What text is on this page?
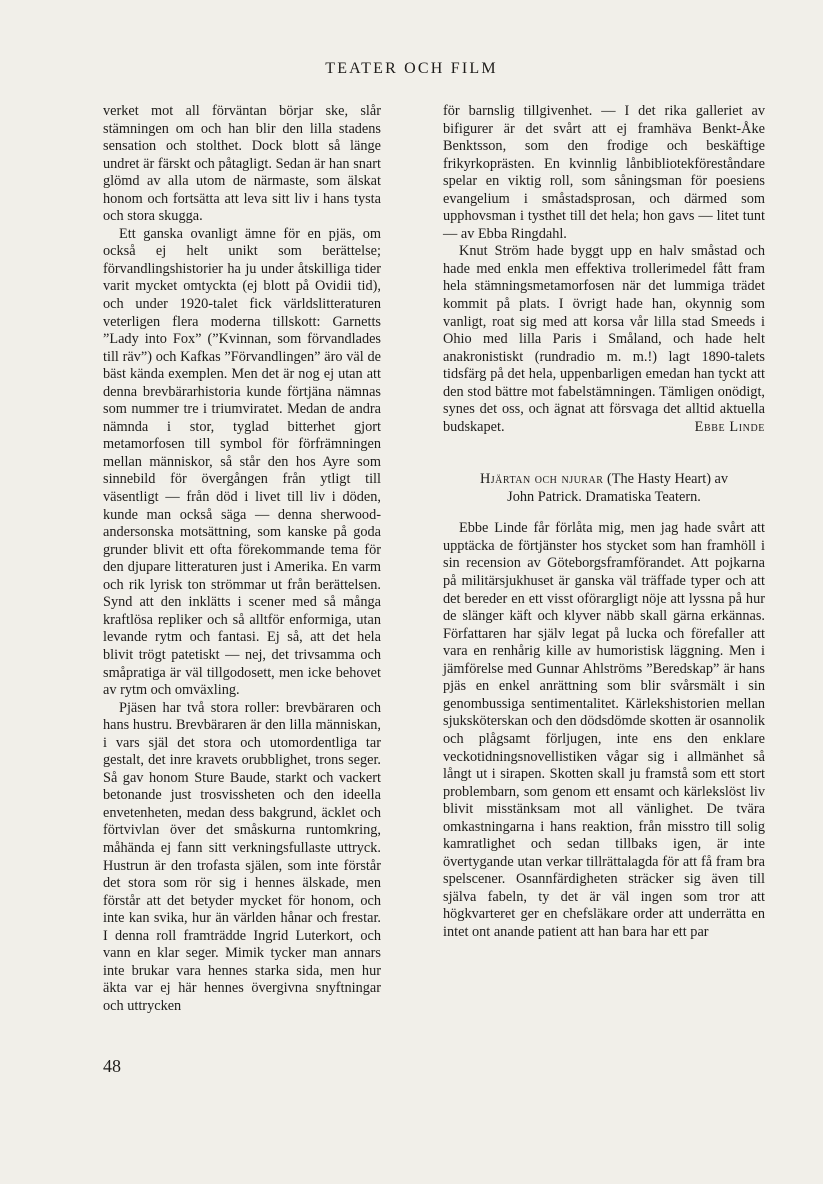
TEATER OCH FILM

verket mot all förväntan börjar ske, slår stämningen om och han blir den lilla stadens sensation och stolthet. Dock blott så länge undret är färskt och påtagligt. Sedan är han snart glömd av alla utom de närmaste, som älskat honom och fortsätta att leva sitt liv i hans tysta och stora skugga.

Ett ganska ovanligt ämne för en pjäs, om också ej helt unikt som berättelse; förvandlingshistorier ha ju under åtskilliga tider varit mycket omtyckta (ej blott på Ovidii tid), och under 1920-talet fick världslitteraturen veterligen flera moderna tillskott: Garnetts ”Lady into Fox” (”Kvinnan, som förvandlades till räv”) och Kafkas ”Förvandlingen” äro väl de bäst kända exemplen. Men det är nog ej utan att denna brevbärarhistoria kunde förtjäna nämnas som nummer tre i triumviratet. Medan de andra nämnda i stor, tyglad bitterhet gjort metamorfosen till symbol för förfrämningen mellan människor, så står den hos Ayre som sinnebild för övergången från ytligt till väsentligt — från död i livet till liv i döden, kunde man också säga — denna sherwood-andersonska motsättning, som kanske på goda grunder blivit ett ofta förekommande tema för den djupare litteraturen just i Amerika. En varm och rik lyrisk ton strömmar ut från berättelsen. Synd att den inklätts i scener med så många kraftlösa repliker och så alltför enformiga, utan levande rytm och fantasi. Ej så, att det hela blivit trögt patetiskt — nej, det trivsamma och småpratiga är väl tillgodosett, men icke behovet av rytm och omväxling.

Pjäsen har två stora roller: brevbäraren och hans hustru. Brevbäraren är den lilla människan, i vars själ det stora och utomordentliga tar gestalt, det inre kravets orubblighet, trons seger. Så gav honom Sture Baude, starkt och vackert betonande just trosvissheten och den ideella envetenheten, medan dess bakgrund, äcklet och förtvivlan över det småskurna runtomkring, måhända ej fann sitt verkningsfullaste uttryck. Hustrun är den trofasta själen, som inte förstår det stora som rör sig i hennes älskade, men förstår att det betyder mycket för honom, och inte kan svika, hur än världen hånar och frestar. I denna roll framträdde Ingrid Luterkort, och vann en klar seger. Mimik tycker man annars inte brukar vara hennes starka sida, men hur äkta var ej här hennes övergivna snyftningar och uttrycken

för barnslig tillgivenhet. — I det rika galleriet av bifigurer är det svårt att ej framhäva Benkt-Åke Benktsson, som den frodige och beskäftige frikyrkoprästen. En kvinnlig lånbibliotekföreståndare spelar en viktig roll, som såningsman för poesiens evangelium i småstadsprosan, och därmed som upphovsman i tysthet till det hela; hon gavs — litet tunt — av Ebba Ringdahl.

Knut Ström hade byggt upp en halv småstad och hade med enkla men effektiva trollerimedel fått fram hela stämningsmetamorfosen när det lummiga trädet kommit på plats. I övrigt hade han, okynnig som vanligt, roat sig med att korsa vår lilla stad Smeeds i Ohio med lilla Paris i Småland, och hade helt anakronistiskt (rundradio m. m.!) lagt 1890-talets tidsfärg på det hela, uppenbarligen emedan han tyckt att den stod bättre mot fabelstämningen. Tämligen onödigt, synes det oss, och ägnat att försvaga det alltid aktuella budskapet.	Ebbe Linde

Hjärtan och njurar (The Hasty Heart) av
John Patrick. Dramatiska Teatern.

Ebbe Linde får förlåta mig, men jag hade svårt att upptäcka de förtjänster hos stycket som han framhöll i sin recension av Göteborgsframförandet. Att pojkarna på militärsjukhuset är ganska väl träffade typer och att det bereder en ett visst oförargligt nöje att lyssna på hur de slänger käft och klyver näbb skall gärna erkännas. Författaren har själv legat på lucka och förefaller att vara en renhårig kille av humoristisk läggning. Men i jämförelse med Gunnar Ahlströms ”Beredskap” är hans pjäs en enkel anrättning som blir svårsmält i sin genombussiga sentimentalitet. Kärlekshistorien mellan sjuksköterskan och den dödsdömde skotten är osannolik och plågsamt förljugen, inte ens den enklare veckotidningsnovellistiken vågar sig i allmänhet så långt ut i sirapen. Skotten skall ju framstå som ett stort problembarn, som genom ett ensamt och kärlekslöst liv blivit misstänksam mot all vänlighet. De tvära omkastningarna i hans reaktion, från misstro till solig kamratlighet och sedan tillbaks igen, är inte övertygande utan verkar tillrättalagda för att få fram bra spelscener. Osannfärdigheten sträcker sig även till själva fabeln, ty det är väl ingen som tror att högkvarteret ger en chefsläkare order att underrätta en intet ont anande patient att han bara har ett par

48
